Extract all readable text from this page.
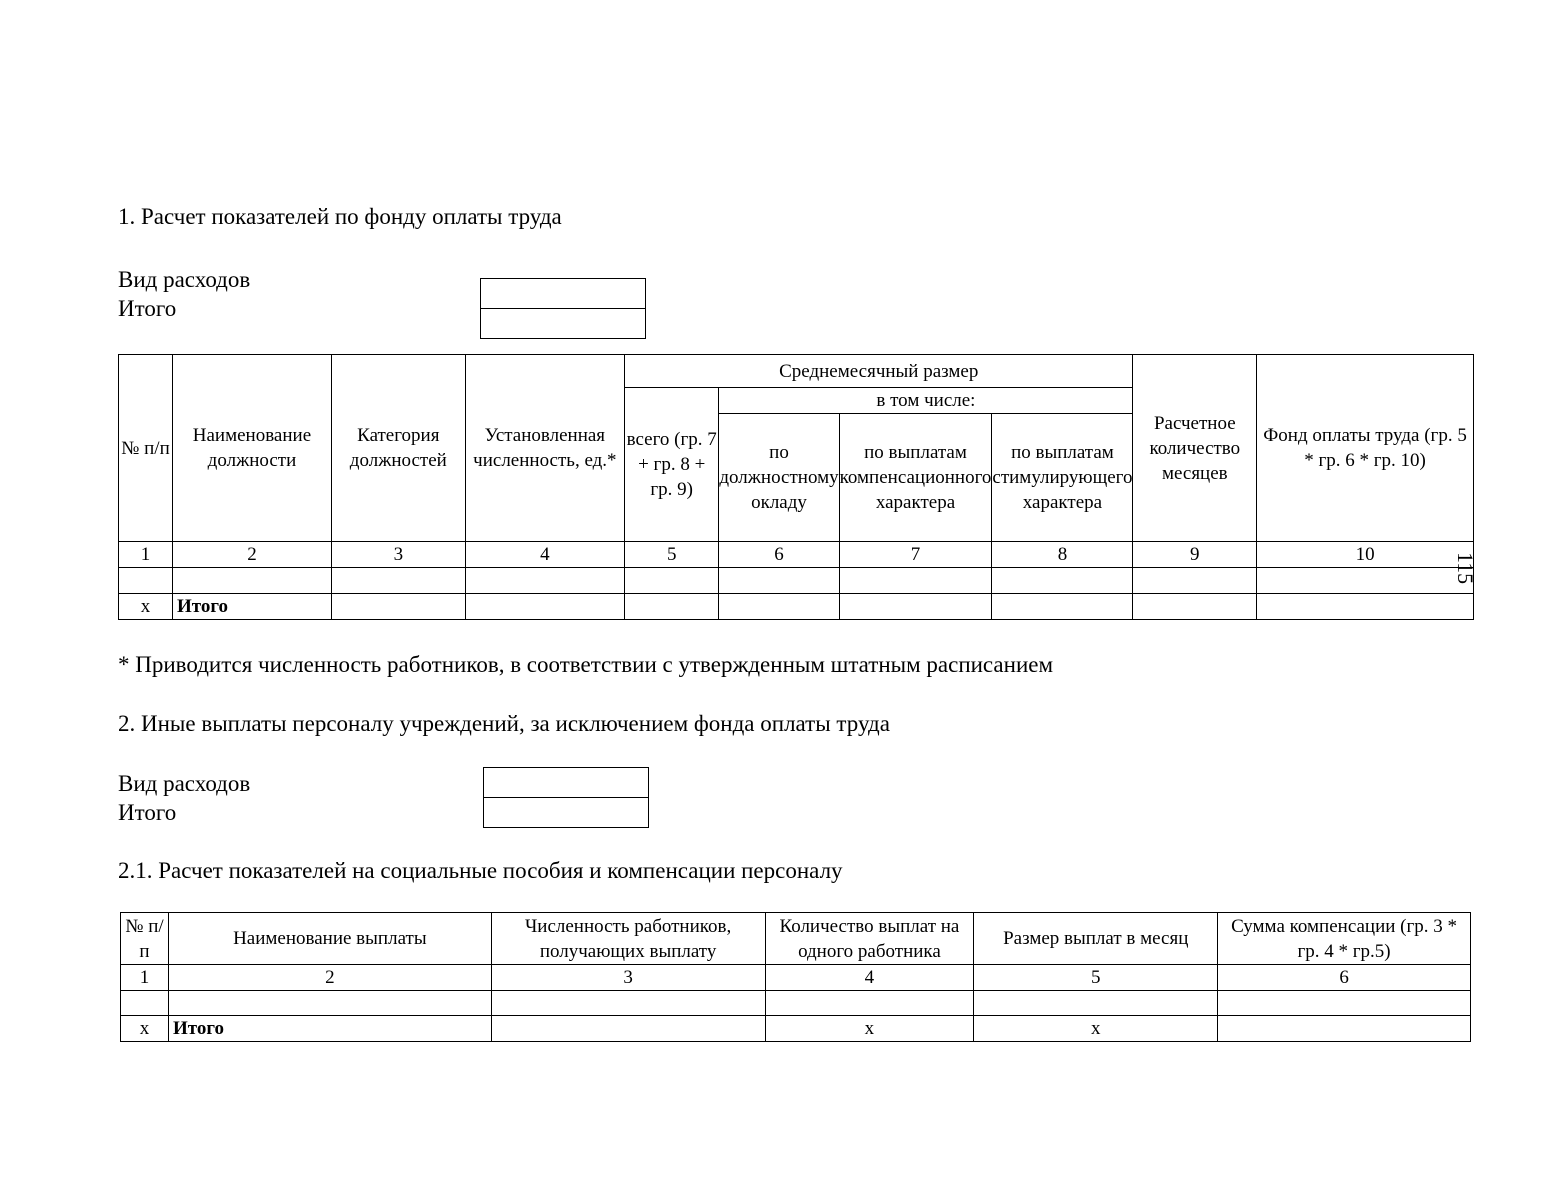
1. Расчет показателей по фонду оплаты труда
Вид расходов
Итого
№ п/п	Наименование должности	Категория должностей	Установленная численность, ед.*	Среднемесячный размер				Расчетное количество месяцев	Фонд оплаты труда (гр. 5 * гр. 6 * гр. 10)
				всего (гр. 7 + гр. 8 + гр. 9)	в том числе:				
					по должностному окладу	по выплатам компенсационного характера	по выплатам стимулирующего характера		
1	2	3	4	5	6	7	8	9	10

x	Итого								
115
* Приводится численность работников, в соответствии с утвержденным штатным расписанием
2. Иные выплаты персоналу учреждений, за исключением фонда оплаты труда
Вид расходов
Итого
2.1. Расчет показателей на социальные пособия и компенсации персоналу
№ п/п	Наименование выплаты	Численность работников, получающих выплату	Количество выплат на одного работника	Размер выплат в месяц	Сумма компенсации (гр. 3 * гр. 4 * гр.5)
1	2	3	4	5	6

x	Итого		x	x	
